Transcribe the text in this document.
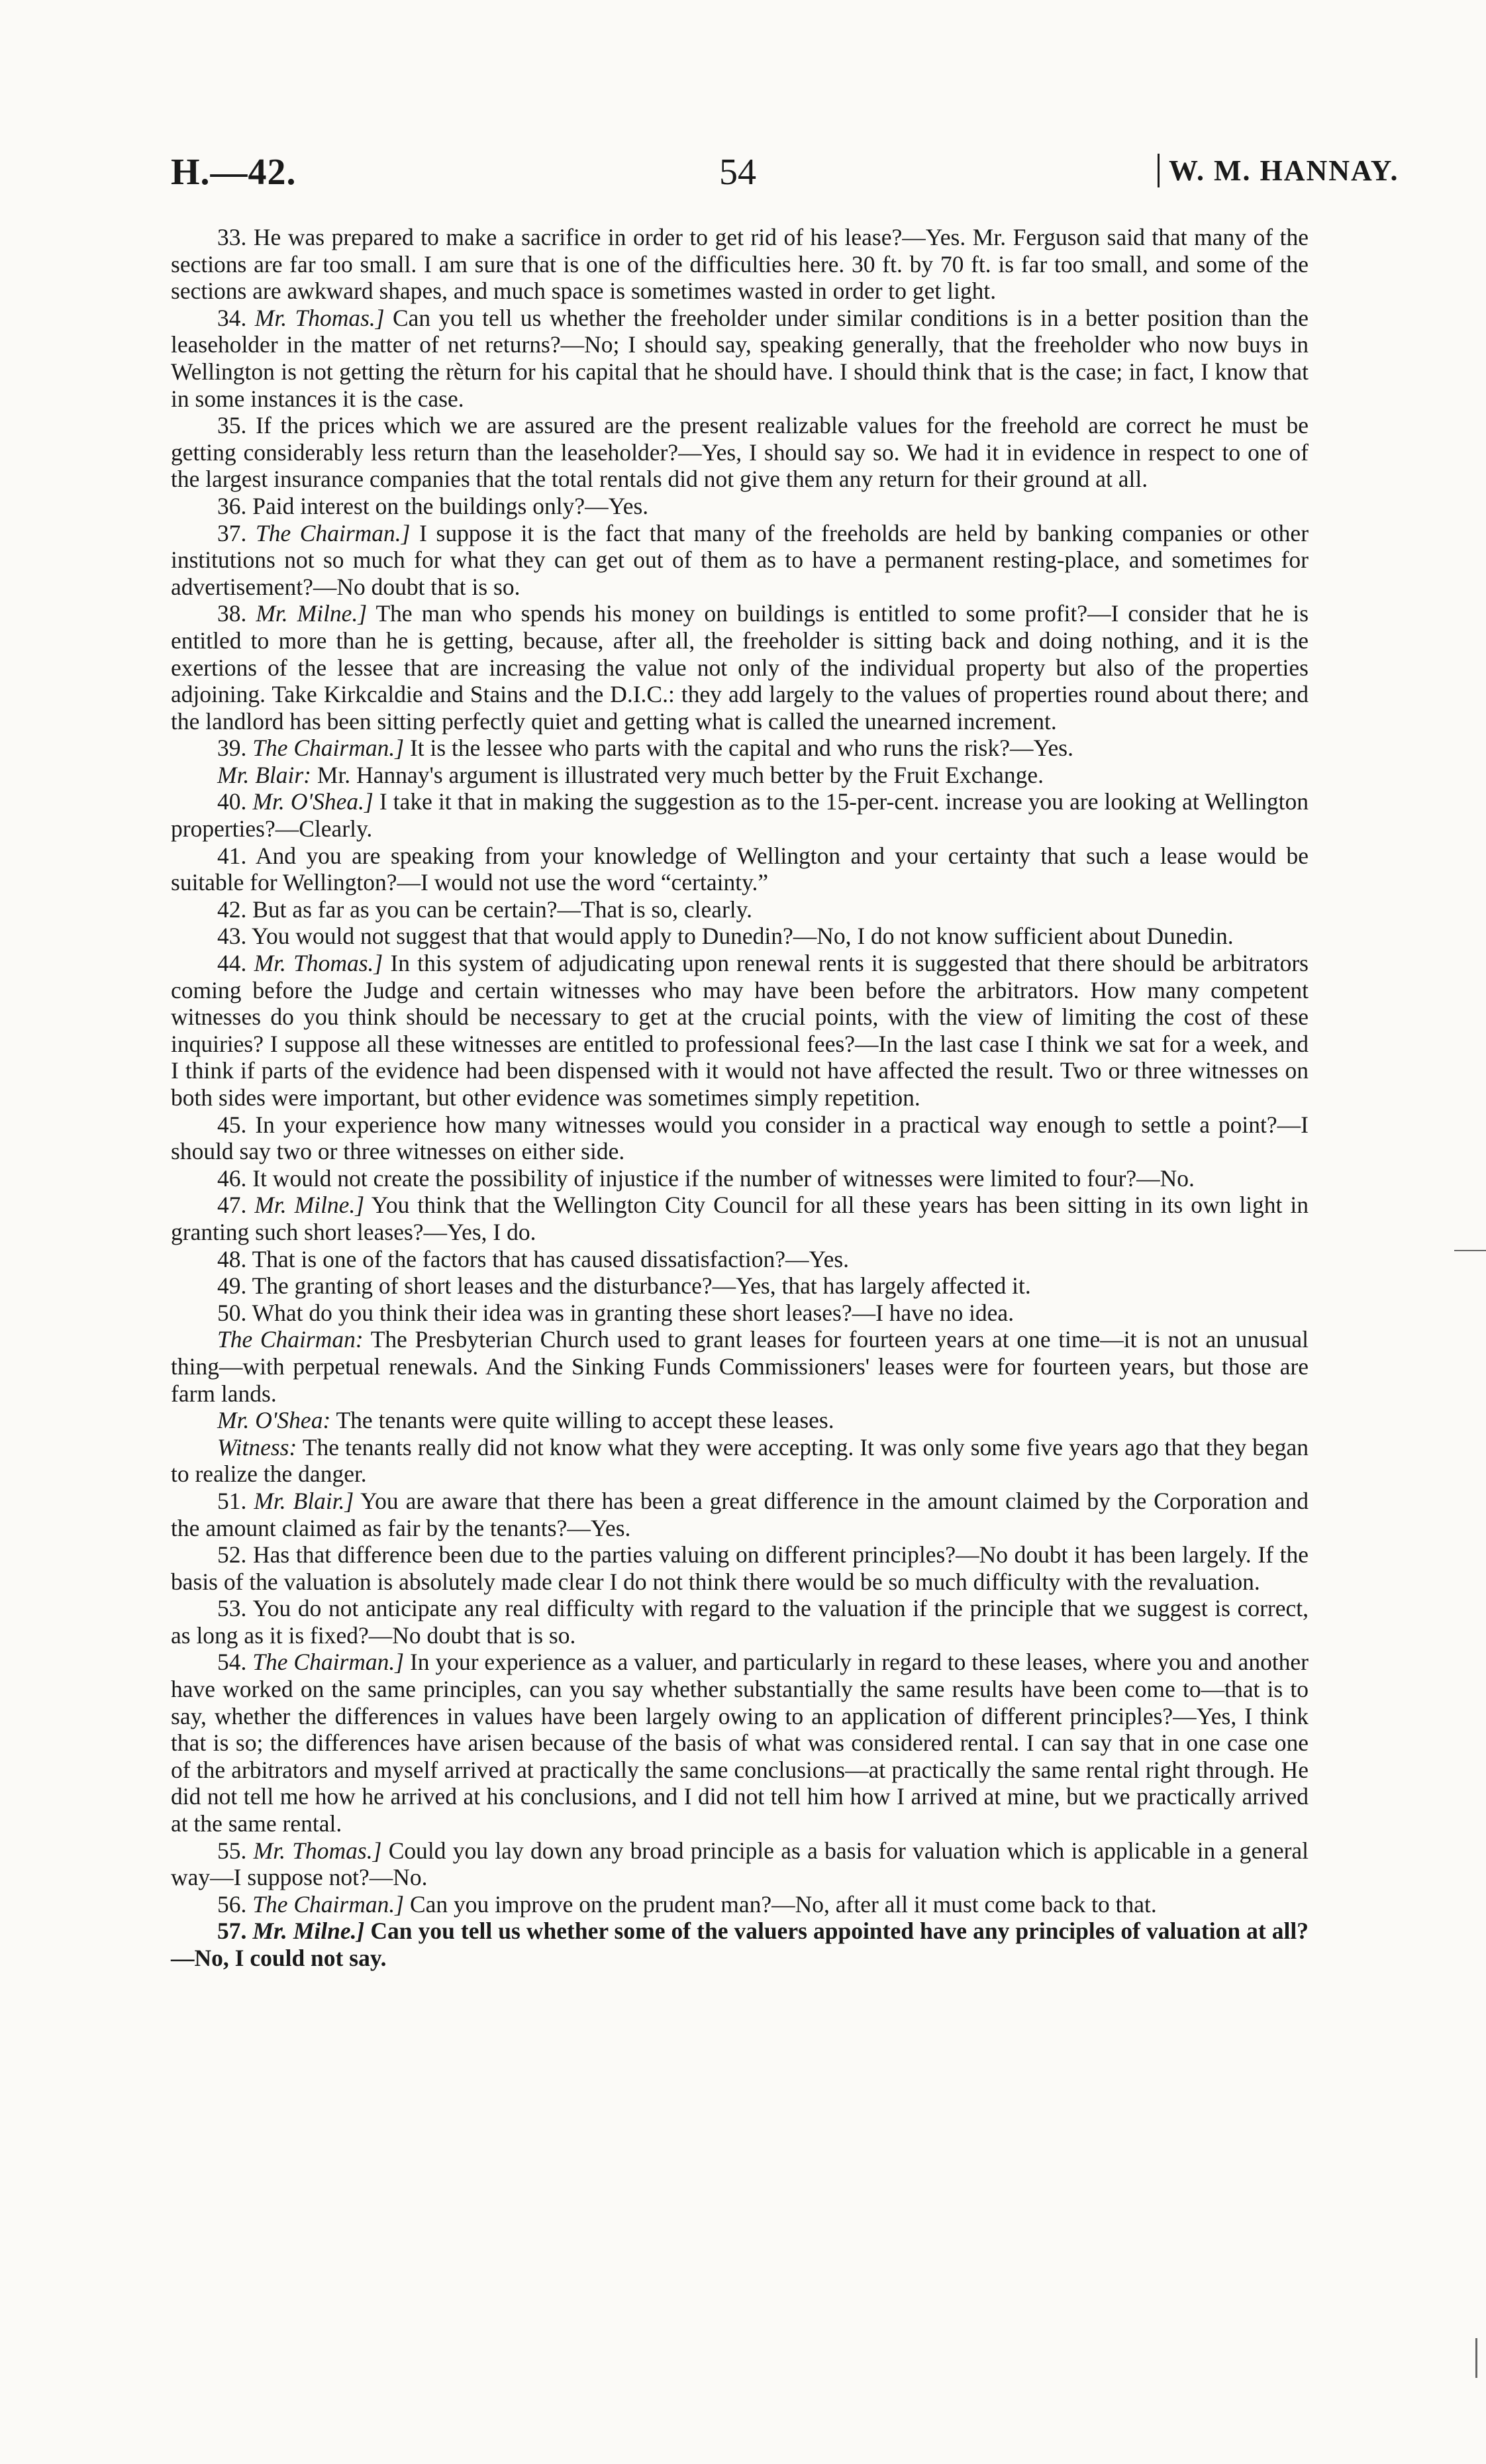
H.—42.	54	W. M. HANNAY.

33. He was prepared to make a sacrifice in order to get rid of his lease?—Yes. Mr. Ferguson said that many of the sections are far too small. I am sure that is one of the difficulties here. 30 ft. by 70 ft. is far too small, and some of the sections are awkward shapes, and much space is sometimes wasted in order to get light.

34. Mr. Thomas.] Can you tell us whether the freeholder under similar conditions is in a better position than the leaseholder in the matter of net returns?—No; I should say, speaking generally, that the freeholder who now buys in Wellington is not getting the rèturn for his capital that he should have. I should think that is the case; in fact, I know that in some instances it is the case.

35. If the prices which we are assured are the present realizable values for the freehold are correct he must be getting considerably less return than the leaseholder?—Yes, I should say so. We had it in evidence in respect to one of the largest insurance companies that the total rentals did not give them any return for their ground at all.

36. Paid interest on the buildings only?—Yes.

37. The Chairman.] I suppose it is the fact that many of the freeholds are held by banking companies or other institutions not so much for what they can get out of them as to have a permanent resting-place, and sometimes for advertisement?—No doubt that is so.

38. Mr. Milne.] The man who spends his money on buildings is entitled to some profit?—I consider that he is entitled to more than he is getting, because, after all, the freeholder is sitting back and doing nothing, and it is the exertions of the lessee that are increasing the value not only of the individual property but also of the properties adjoining. Take Kirkcaldie and Stains and the D.I.C.: they add largely to the values of properties round about there; and the landlord has been sitting perfectly quiet and getting what is called the unearned increment.

39. The Chairman.] It is the lessee who parts with the capital and who runs the risk?—Yes.

Mr. Blair: Mr. Hannay's argument is illustrated very much better by the Fruit Exchange.

40. Mr. O'Shea.] I take it that in making the suggestion as to the 15-per-cent. increase you are looking at Wellington properties?—Clearly.

41. And you are speaking from your knowledge of Wellington and your certainty that such a lease would be suitable for Wellington?—I would not use the word “certainty.”

42. But as far as you can be certain?—That is so, clearly.

43. You would not suggest that that would apply to Dunedin?—No, I do not know sufficient about Dunedin.

44. Mr. Thomas.] In this system of adjudicating upon renewal rents it is suggested that there should be arbitrators coming before the Judge and certain witnesses who may have been before the arbitrators. How many competent witnesses do you think should be necessary to get at the crucial points, with the view of limiting the cost of these inquiries? I suppose all these witnesses are entitled to professional fees?—In the last case I think we sat for a week, and I think if parts of the evidence had been dispensed with it would not have affected the result. Two or three witnesses on both sides were important, but other evidence was sometimes simply repetition.

45. In your experience how many witnesses would you consider in a practical way enough to settle a point?—I should say two or three witnesses on either side.

46. It would not create the possibility of injustice if the number of witnesses were limited to four?—No.

47. Mr. Milne.] You think that the Wellington City Council for all these years has been sitting in its own light in granting such short leases?—Yes, I do.

48. That is one of the factors that has caused dissatisfaction?—Yes.

49. The granting of short leases and the disturbance?—Yes, that has largely affected it.

50. What do you think their idea was in granting these short leases?—I have no idea.

The Chairman: The Presbyterian Church used to grant leases for fourteen years at one time—it is not an unusual thing—with perpetual renewals. And the Sinking Funds Commissioners' leases were for fourteen years, but those are farm lands.

Mr. O'Shea: The tenants were quite willing to accept these leases.

Witness: The tenants really did not know what they were accepting. It was only some five years ago that they began to realize the danger.

51. Mr. Blair.] You are aware that there has been a great difference in the amount claimed by the Corporation and the amount claimed as fair by the tenants?—Yes.

52. Has that difference been due to the parties valuing on different principles?—No doubt it has been largely. If the basis of the valuation is absolutely made clear I do not think there would be so much difficulty with the revaluation.

53. You do not anticipate any real difficulty with regard to the valuation if the principle that we suggest is correct, as long as it is fixed?—No doubt that is so.

54. The Chairman.] In your experience as a valuer, and particularly in regard to these leases, where you and another have worked on the same principles, can you say whether substantially the same results have been come to—that is to say, whether the differences in values have been largely owing to an application of different principles?—Yes, I think that is so; the differences have arisen because of the basis of what was considered rental. I can say that in one case one of the arbitrators and myself arrived at practically the same conclusions—at practically the same rental right through. He did not tell me how he arrived at his conclusions, and I did not tell him how I arrived at mine, but we practically arrived at the same rental.

55. Mr. Thomas.] Could you lay down any broad principle as a basis for valuation which is applicable in a general way—I suppose not?—No.

56. The Chairman.] Can you improve on the prudent man?—No, after all it must come back to that.

57. Mr. Milne.] Can you tell us whether some of the valuers appointed have any principles of valuation at all?—No, I could not say.
